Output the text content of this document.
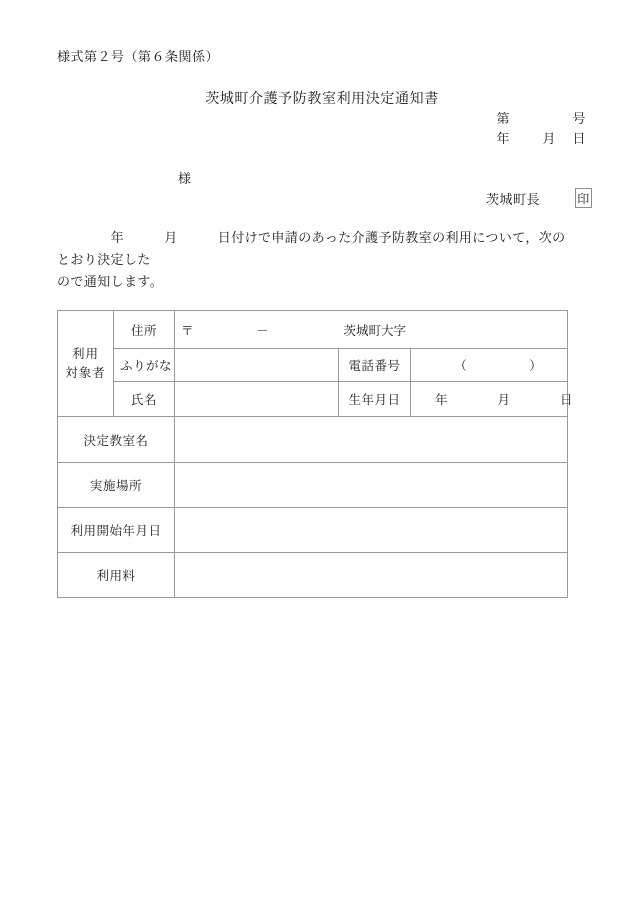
様式第２号（第６条関係）
茨城町介護予防教室利用決定通知書
第	号
年	月	日
様
茨城町長	印
　　　　年　　　月　　　日付けで申請のあった介護予防教室の利用について，次のとおり決定した
ので通知します。
利用
対象者	住所	〒　　　　　－　　　　　　茨城町大字		
	ふりがな		電話番号	（　　　　　）
	氏名		生年月日	年　　　　月　　　　日
決定教室名				
実施場所				
利用開始年月日				
利用料				
